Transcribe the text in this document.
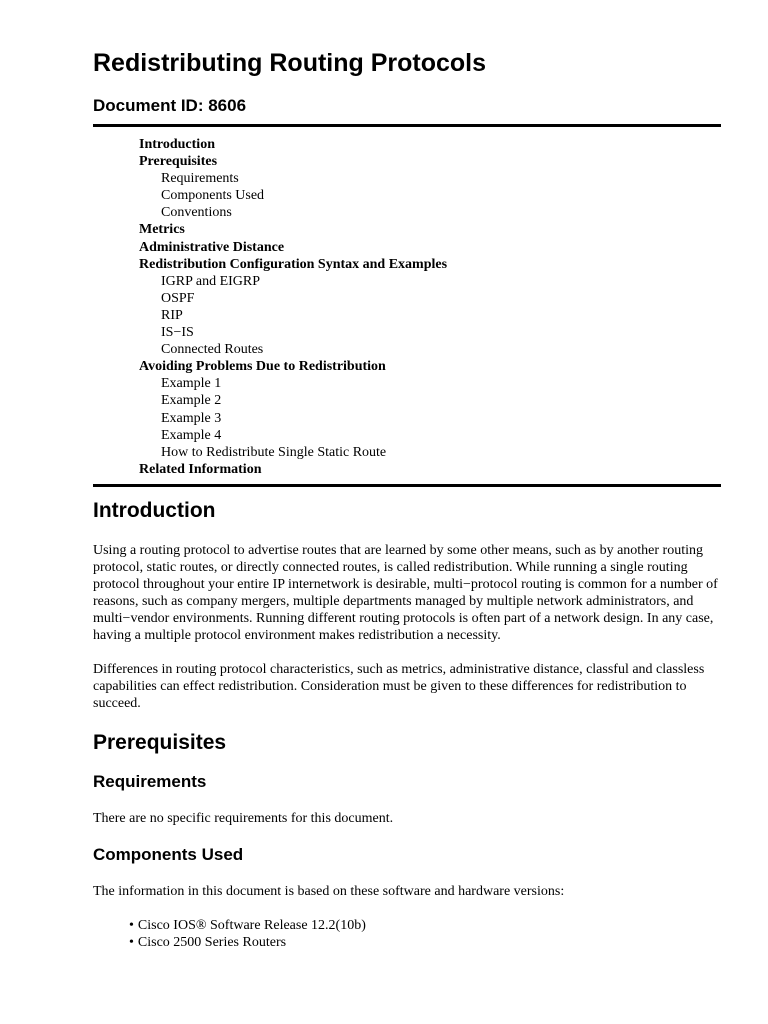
Redistributing Routing Protocols
Document ID: 8606
Introduction
Prerequisites
Requirements
Components Used
Conventions
Metrics
Administrative Distance
Redistribution Configuration Syntax and Examples
IGRP and EIGRP
OSPF
RIP
IS−IS
Connected Routes
Avoiding Problems Due to Redistribution
Example 1
Example 2
Example 3
Example 4
How to Redistribute Single Static Route
Related Information
Introduction

Using a routing protocol to advertise routes that are learned by some other means, such as by another routing protocol, static routes, or directly connected routes, is called redistribution. While running a single routing protocol throughout your entire IP internetwork is desirable, multi−protocol routing is common for a number of reasons, such as company mergers, multiple departments managed by multiple network administrators, and multi−vendor environments. Running different routing protocols is often part of a network design. In any case, having a multiple protocol environment makes redistribution a necessity.

Differences in routing protocol characteristics, such as metrics, administrative distance, classful and classless capabilities can effect redistribution. Consideration must be given to these differences for redistribution to succeed.

Prerequisites
Requirements

There are no specific requirements for this document.

Components Used

The information in this document is based on these software and hardware versions:

• Cisco IOS® Software Release 12.2(10b)
• Cisco 2500 Series Routers
